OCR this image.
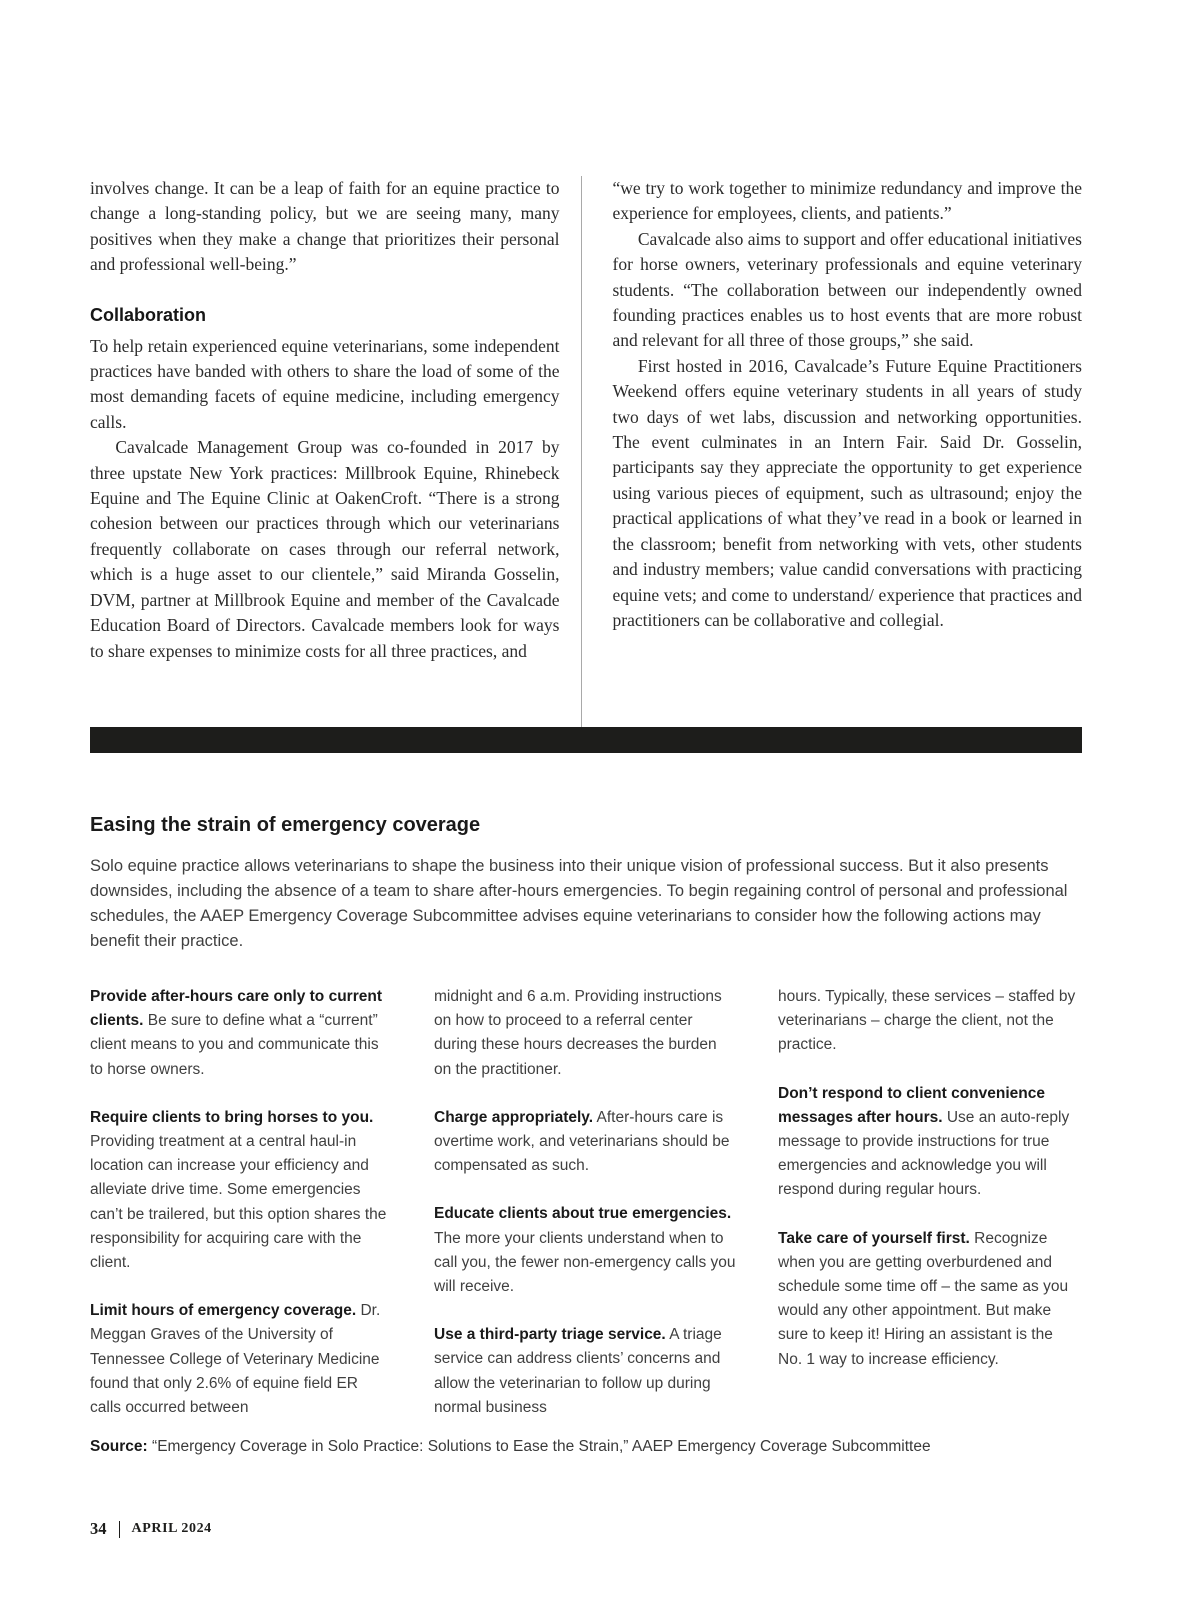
involves change. It can be a leap of faith for an equine practice to change a long-standing policy, but we are seeing many, many positives when they make a change that prioritizes their personal and professional well-being.”

Collaboration

To help retain experienced equine veterinarians, some independent practices have banded with others to share the load of some of the most demanding facets of equine medicine, including emergency calls.

Cavalcade Management Group was co-founded in 2017 by three upstate New York practices: Millbrook Equine, Rhinebeck Equine and The Equine Clinic at OakenCroft. “There is a strong cohesion between our practices through which our veterinarians frequently collaborate on cases through our referral network, which is a huge asset to our clientele,” said Miranda Gosselin, DVM, partner at Millbrook Equine and member of the Cavalcade Education Board of Directors. Cavalcade members look for ways to share expenses to minimize costs for all three practices, and

“we try to work together to minimize redundancy and improve the experience for employees, clients, and patients.”

Cavalcade also aims to support and offer educational initiatives for horse owners, veterinary professionals and equine veterinary students. “The collaboration between our independently owned founding practices enables us to host events that are more robust and relevant for all three of those groups,” she said.

First hosted in 2016, Cavalcade’s Future Equine Practitioners Weekend offers equine veterinary students in all years of study two days of wet labs, discussion and networking opportunities. The event culminates in an Intern Fair. Said Dr. Gosselin, participants say they appreciate the opportunity to get experience using various pieces of equipment, such as ultrasound; enjoy the practical applications of what they’ve read in a book or learned in the classroom; benefit from networking with vets, other students and industry members; value candid conversations with practicing equine vets; and come to understand/ experience that practices and practitioners can be collaborative and collegial.

Easing the strain of emergency coverage

Solo equine practice allows veterinarians to shape the business into their unique vision of professional success. But it also presents downsides, including the absence of a team to share after-hours emergencies. To begin regaining control of personal and professional schedules, the AAEP Emergency Coverage Subcommittee advises equine veterinarians to consider how the following actions may benefit their practice.

Provide after-hours care only to current clients. Be sure to define what a “current” client means to you and communicate this to horse owners.

Require clients to bring horses to you. Providing treatment at a central haul-in location can increase your efficiency and alleviate drive time. Some emergencies can’t be trailered, but this option shares the responsibility for acquiring care with the client.

Limit hours of emergency coverage. Dr. Meggan Graves of the University of Tennessee College of Veterinary Medicine found that only 2.6% of equine field ER calls occurred between

midnight and 6 a.m. Providing instructions on how to proceed to a referral center during these hours decreases the burden on the practitioner.

Charge appropriately. After-hours care is overtime work, and veterinarians should be compensated as such.

Educate clients about true emergencies. The more your clients understand when to call you, the fewer non-emergency calls you will receive.

Use a third-party triage service. A triage service can address clients’ concerns and allow the veterinarian to follow up during normal business

hours. Typically, these services – staffed by veterinarians – charge the client, not the practice.

Don’t respond to client convenience messages after hours. Use an auto-reply message to provide instructions for true emergencies and acknowledge you will respond during regular hours.

Take care of yourself first. Recognize when you are getting overburdened and schedule some time off – the same as you would any other appointment. But make sure to keep it! Hiring an assistant is the No. 1 way to increase efficiency.

Source: “Emergency Coverage in Solo Practice: Solutions to Ease the Strain,” AAEP Emergency Coverage Subcommittee

34 APRIL 2024
